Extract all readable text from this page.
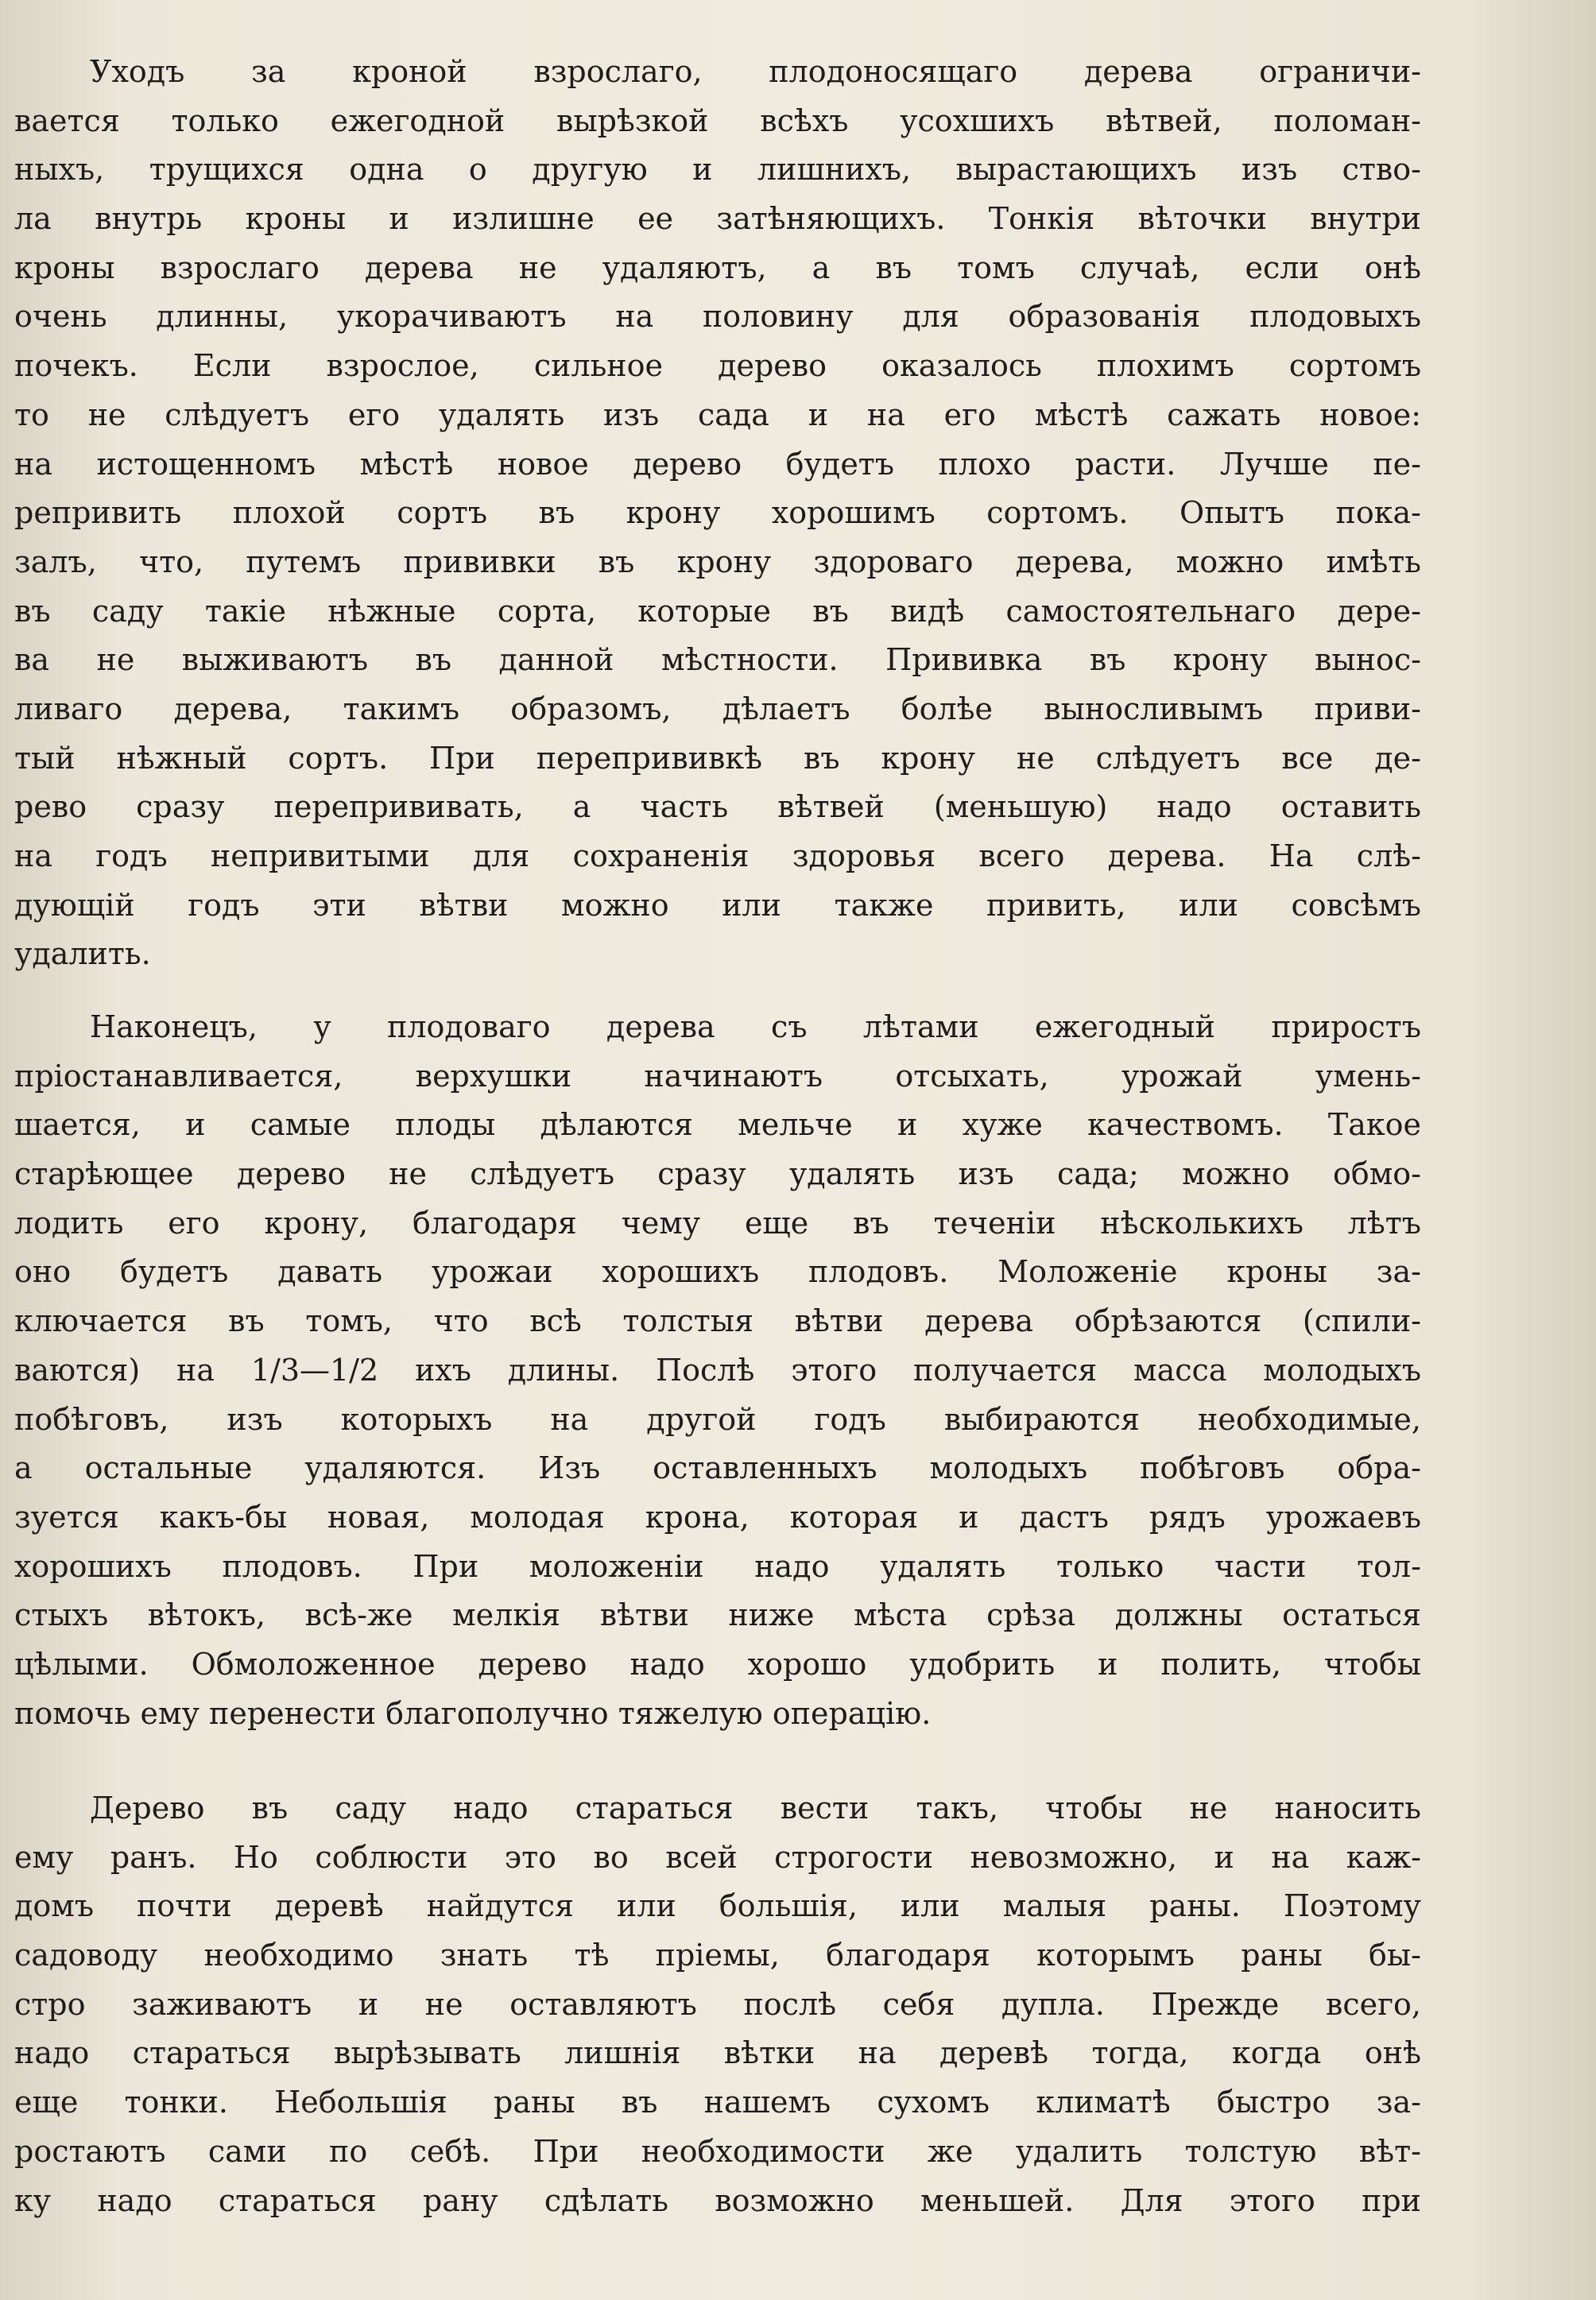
Уходъ за кроной взрослаго, плодоносящаго дерева ограничи-
вается только ежегодной вырѣзкой всѣхъ усохшихъ вѣтвей, поломан-
ныхъ, трущихся одна о другую и лишнихъ, вырастающихъ изъ ство-
ла внутрь кроны и излишне ее затѣняющихъ. Тонкія вѣточки внутри
кроны взрослаго дерева не удаляютъ, а въ томъ случаѣ, если онѣ
очень длинны, укорачиваютъ на половину для образованія плодовыхъ
почекъ. Если взрослое, сильное дерево оказалось плохимъ сортомъ
то не слѣдуетъ его удалять изъ сада и на его мѣстѣ сажать новое:
на истощенномъ мѣстѣ новое дерево будетъ плохо расти. Лучше пе-
репривить плохой сортъ въ крону хорошимъ сортомъ. Опытъ пока-
залъ, что, путемъ прививки въ крону здороваго дерева, можно имѣть
въ саду такіе нѣжные сорта, которые въ видѣ самостоятельнаго дере-
ва не выживаютъ въ данной мѣстности. Прививка въ крону вынос-
ливаго дерева, такимъ образомъ, дѣлаетъ болѣе выносливымъ приви-
тый нѣжный сортъ. При перепрививкѣ въ крону не слѣдуетъ все де-
рево сразу перепрививать, а часть вѣтвей (меньшую) надо оставить
на годъ непривитыми для сохраненія здоровья всего дерева. На слѣ-
дующій годъ эти вѣтви можно или также привить, или совсѣмъ
удалить.
Наконецъ, у плодоваго дерева съ лѣтами ежегодный приростъ
пріостанавливается, верхушки начинаютъ отсыхать, урожай умень-
шается, и самые плоды дѣлаются мельче и хуже качествомъ. Такое
старѣющее дерево не слѣдуетъ сразу удалять изъ сада; можно обмо-
лодить его крону, благодаря чему еще въ теченіи нѣсколькихъ лѣтъ
оно будетъ давать урожаи хорошихъ плодовъ. Моложеніе кроны за-
ключается въ томъ, что всѣ толстыя вѣтви дерева обрѣзаются (спили-
ваются) на 1/3—1/2 ихъ длины. Послѣ этого получается масса молодыхъ
побѣговъ, изъ которыхъ на другой годъ выбираются необходимые,
а остальные удаляются. Изъ оставленныхъ молодыхъ побѣговъ обра-
зуется какъ-бы новая, молодая крона, которая и дастъ рядъ урожаевъ
хорошихъ плодовъ. При моложеніи надо удалять только части тол-
стыхъ вѣтокъ, всѣ-же мелкія вѣтви ниже мѣста срѣза должны остаться
цѣлыми. Обмоложенное дерево надо хорошо удобрить и полить, чтобы
помочь ему перенести благополучно тяжелую операцію.
Дерево въ саду надо стараться вести такъ, чтобы не наносить
ему ранъ. Но соблюсти это во всей строгости невозможно, и на каж-
домъ почти деревѣ найдутся или большія, или малыя раны. Поэтому
садоводу необходимо знать тѣ пріемы, благодаря которымъ раны бы-
стро заживаютъ и не оставляютъ послѣ себя дупла. Прежде всего,
надо стараться вырѣзывать лишнія вѣтки на деревѣ тогда, когда онѣ
еще тонки. Небольшія раны въ нашемъ сухомъ климатѣ быстро за-
ростаютъ сами по себѣ. При необходимости же удалить толстую вѣт-
ку надо стараться рану сдѣлать возможно меньшей. Для этого при
